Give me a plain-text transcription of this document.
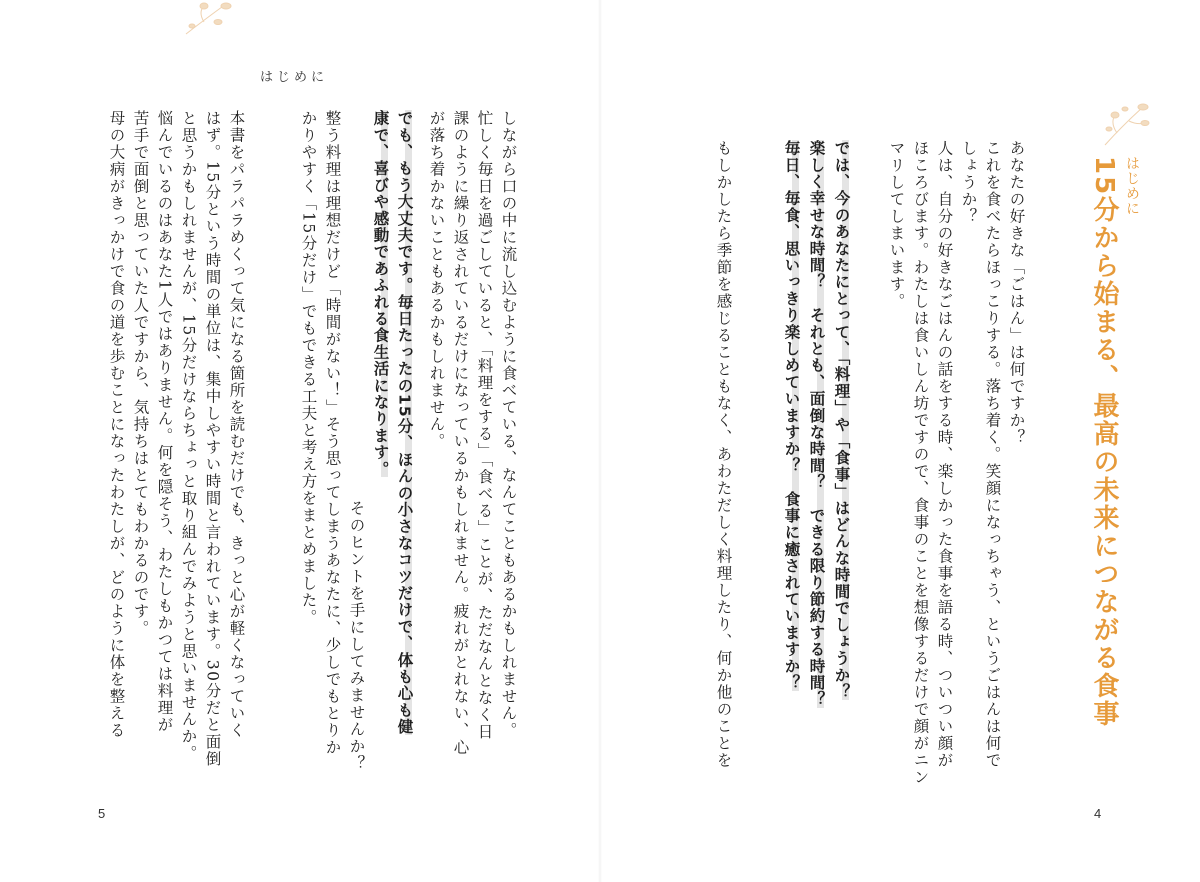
はじめに
15分から始まる、最高の未来につながる食事
あなたの好きな「ごはん」は何ですか？
これを食べたらほっこりする。落ち着く。笑顔になっちゃう、というごはんは何で
しょうか？
人は、自分の好きなごはんの話をする時、楽しかった食事を語る時、ついつい顔が
ほころびます。わたしは食いしん坊ですので、食事のことを想像するだけで顔がニン
マリしてしまいます。
では、今のあなたにとって、「料理」や「食事」はどんな時間でしょうか？
楽しく幸せな時間？　それとも、面倒な時間？　できる限り節約する時間？
毎日、毎食、思いっきり楽しめていますか？　食事に癒されていますか？
もしかしたら季節を感じることもなく、あわただしく料理したり、何か他のことを
4
はじめに
しながら口の中に流し込むように食べている、なんてこともあるかもしれません。
忙しく毎日を過ごしていると、「料理をする」「食べる」ことが、ただなんとなく日
課のように繰り返されているだけになっているかもしれません。疲れがとれない、心
が落ち着かないこともあるかもしれません。
でも、もう大丈夫です。毎日たったの15分、ほんの小さなコツだけで、体も心も健
康で、喜びや感動であふれる食生活になります。
そのヒントを手にしてみませんか？
整う料理は理想だけど「時間がない！」そう思ってしまうあなたに、少しでもとりか
かりやすく「15分だけ」でもできる工夫と考え方をまとめました。
本書をパラパラめくって気になる箇所を読むだけでも、きっと心が軽くなっていく
はず。15分という時間の単位は、集中しやすい時間と言われています。30分だと面倒
と思うかもしれませんが、15分だけならちょっと取り組んでみようと思いませんか。
悩んでいるのはあなた1人ではありません。何を隠そう、わたしもかつては料理が
苦手で面倒と思っていた人ですから、気持ちはとてもわかるのです。
母の大病がきっかけで食の道を歩むことになったわたしが、どのように体を整える
5
